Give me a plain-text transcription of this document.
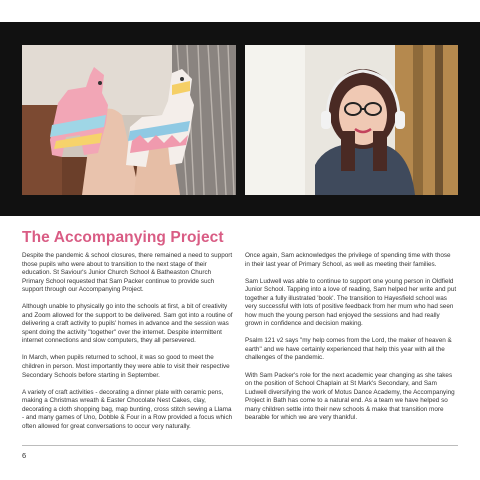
The Accompanying Project

Despite the pandemic & school closures, there remained a need to support those pupils who were about to transition to the next stage of their education. St Saviour's Junior Church School & Batheaston Church Primary School requested that Sam Packer continue to provide such support through our Accompanying Project.

Although unable to physically go into the schools at first, a bit of creativity and Zoom allowed for the support to be delivered. Sam got into a routine of delivering a craft activity to pupils' homes in advance and the session was spent doing the activity "together" over the internet. Despite intermittent internet connections and slow computers, they all persevered.

In March, when pupils returned to school, it was so good to meet the children in person. Most importantly they were able to visit their respective Secondary Schools before starting in September.

A variety of craft activities - decorating a dinner plate with ceramic pens, making a Christmas wreath & Easter Chocolate Nest Cakes, clay, decorating a cloth shopping bag, map bunting, cross stitch sewing a Llama - and many games of Uno, Dobble & Four in a Row provided a focus which often allowed for great conversations to occur very naturally.

Once again, Sam acknowledges the privilege of spending time with those in their last year of Primary School, as well as meeting their families.

Sam Ludwell was able to continue to support one young person in Oldfield Junior School. Tapping into a love of reading, Sam helped her write and put together a fully illustrated 'book'. The transition to Hayesfield school was very successful with lots of positive feedback from her mum who had seen how much the young person had enjoyed the sessions and had really grown in confidence and decision making.

Psalm 121 v2 says "my help comes from the Lord, the maker of heaven & earth" and we have certainly experienced that help this year with all the challenges of the pandemic.

With Sam Packer's role for the next academic year changing as she takes on the position of School Chaplain at St Mark's Secondary, and Sam Ludwell diversifying the work of Motus Dance Academy, the Accompanying Project in Bath has come to a natural end. As a team we have helped so many children settle into their new schools & make that transition more bearable for which we are very thankful.

6
